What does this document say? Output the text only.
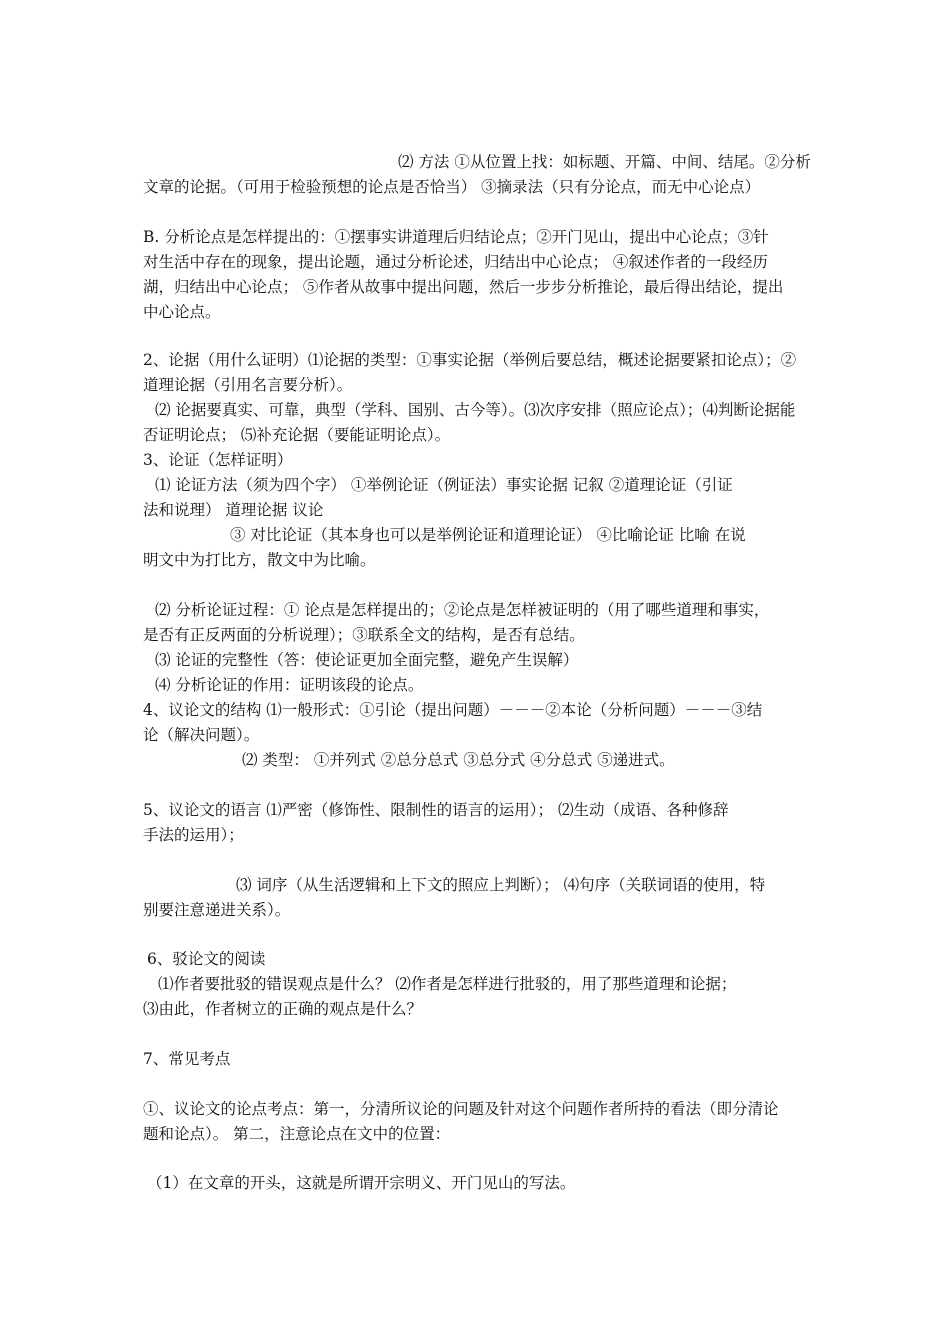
⑵ 方法 ①从位置上找：如标题、开篇、中间、结尾。②分析
文章的论据。（可用于检验预想的论点是否恰当） ③摘录法（只有分论点，而无中心论点）
B. 分析论点是怎样提出的：①摆事实讲道理后归结论点；②开门见山，提出中心论点；③针
对生活中存在的现象，提出论题，通过分析论述，归结出中心论点； ④叙述作者的一段经历
湖，归结出中心论点； ⑤作者从故事中提出问题，然后一步步分析推论，最后得出结论，提出
中心论点。
2、论据（用什么证明）⑴论据的类型：①事实论据（举例后要总结，概述论据要紧扣论点）；②
道理论据（引用名言要分析）。
⑵ 论据要真实、可靠，典型（学科、国别、古今等）。⑶次序安排（照应论点）；⑷判断论据能
否证明论点； ⑸补充论据（要能证明论点）。
3、论证（怎样证明）
⑴ 论证方法（须为四个字） ①举例论证（例证法）事实论据 记叙 ②道理论证（引证
法和说理） 道理论据 议论
③ 对比论证（其本身也可以是举例论证和道理论证） ④比喻论证 比喻 在说
明文中为打比方，散文中为比喻。
⑵ 分析论证过程：① 论点是怎样提出的；②论点是怎样被证明的（用了哪些道理和事实，
是否有正反两面的分析说理）；③联系全文的结构，是否有总结。
⑶ 论证的完整性（答：使论证更加全面完整，避免产生误解）
⑷ 分析论证的作用：证明该段的论点。
4、议论文的结构 ⑴一般形式：①引论（提出问题）－－－②本论（分析问题）－－－③结
论（解决问题）。
⑵ 类型： ①并列式 ②总分总式 ③总分式 ④分总式 ⑤递进式。
5、议论文的语言 ⑴严密（修饰性、限制性的语言的运用）； ⑵生动（成语、各种修辞
手法的运用）；
⑶ 词序（从生活逻辑和上下文的照应上判断）； ⑷句序（关联词语的使用，特
别要注意递进关系）。
6、驳论文的阅读
⑴作者要批驳的错误观点是什么？ ⑵作者是怎样进行批驳的，用了那些道理和论据；
⑶由此，作者树立的正确的观点是什么？
7、常见考点
①、议论文的论点考点：第一，分清所议论的问题及针对这个问题作者所持的看法（即分清论
题和论点）。 第二，注意论点在文中的位置：
（1）在文章的开头，这就是所谓开宗明义、开门见山的写法。
